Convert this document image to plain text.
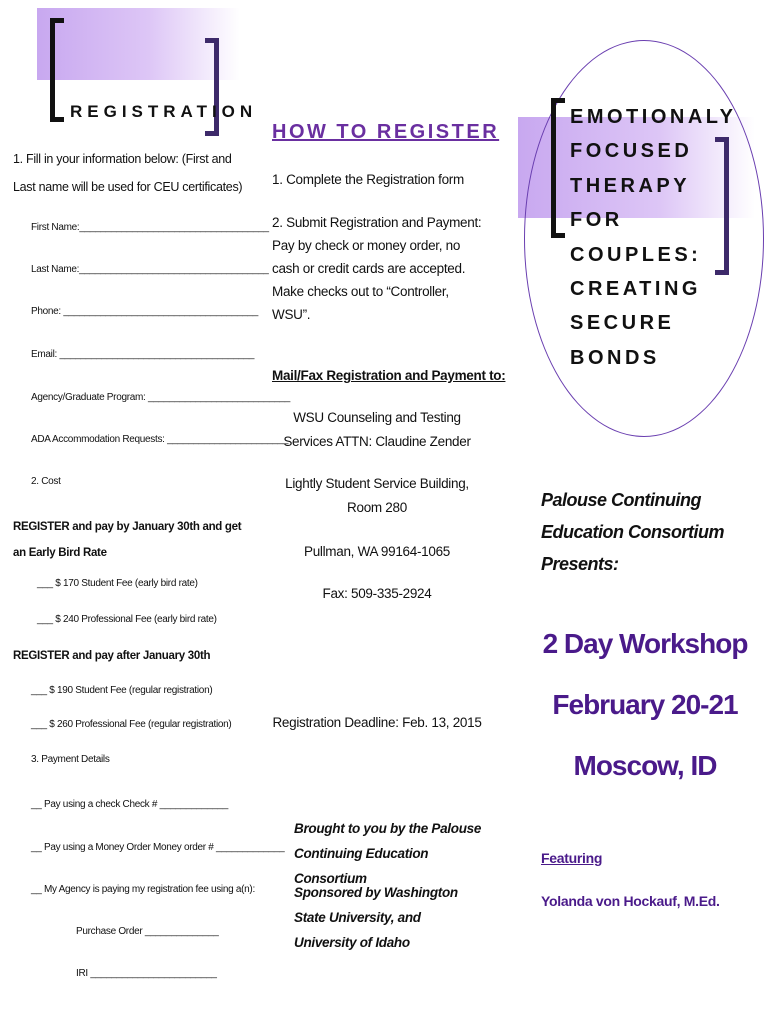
REGISTRATION
1. Fill in your information below: (First and Last name will be used for CEU certificates)
First Name:____________________________________
Last Name:____________________________________
Phone: _____________________________________
Email: _____________________________________
Agency/Graduate Program: ___________________________
ADA Accommodation Requests: _______________________
2. Cost
REGISTER and pay by January 30th and get an Early Bird Rate
___ $ 170 Student Fee (early bird rate)
___ $ 240 Professional Fee (early bird rate)
REGISTER and pay after January 30th
___ $ 190 Student Fee (regular registration)
___ $ 260 Professional Fee (regular registration)
3. Payment Details
__ Pay using a check Check # _____________
__ Pay using a Money Order Money order # _____________
__ My Agency is paying my registration fee using a(n):
Purchase Order ______________
IRI ________________________
HOW TO REGISTER
1. Complete the Registration form
2. Submit Registration and Payment: Pay by check or money order, no cash or credit cards are accepted. Make checks out to “Controller, WSU”.
Mail/Fax Registration and Payment to:
WSU Counseling and Testing Services ATTN: Claudine Zender
Lightly Student Service Building, Room 280
Pullman, WA 99164-1065
Fax: 509-335-2924
Registration Deadline: Feb. 13, 2015
Brought to you by the Palouse Continuing Education Consortium
Sponsored by Washington State University, and University of Idaho
EMOTIONALY
FOCUSED
THERAPY
FOR
COUPLES:
CREATING
SECURE
BONDS
Palouse Continuing Education Consortium Presents:
2 Day Workshop
February 20-21
Moscow, ID
Featuring
Yolanda von Hockauf, M.Ed.
